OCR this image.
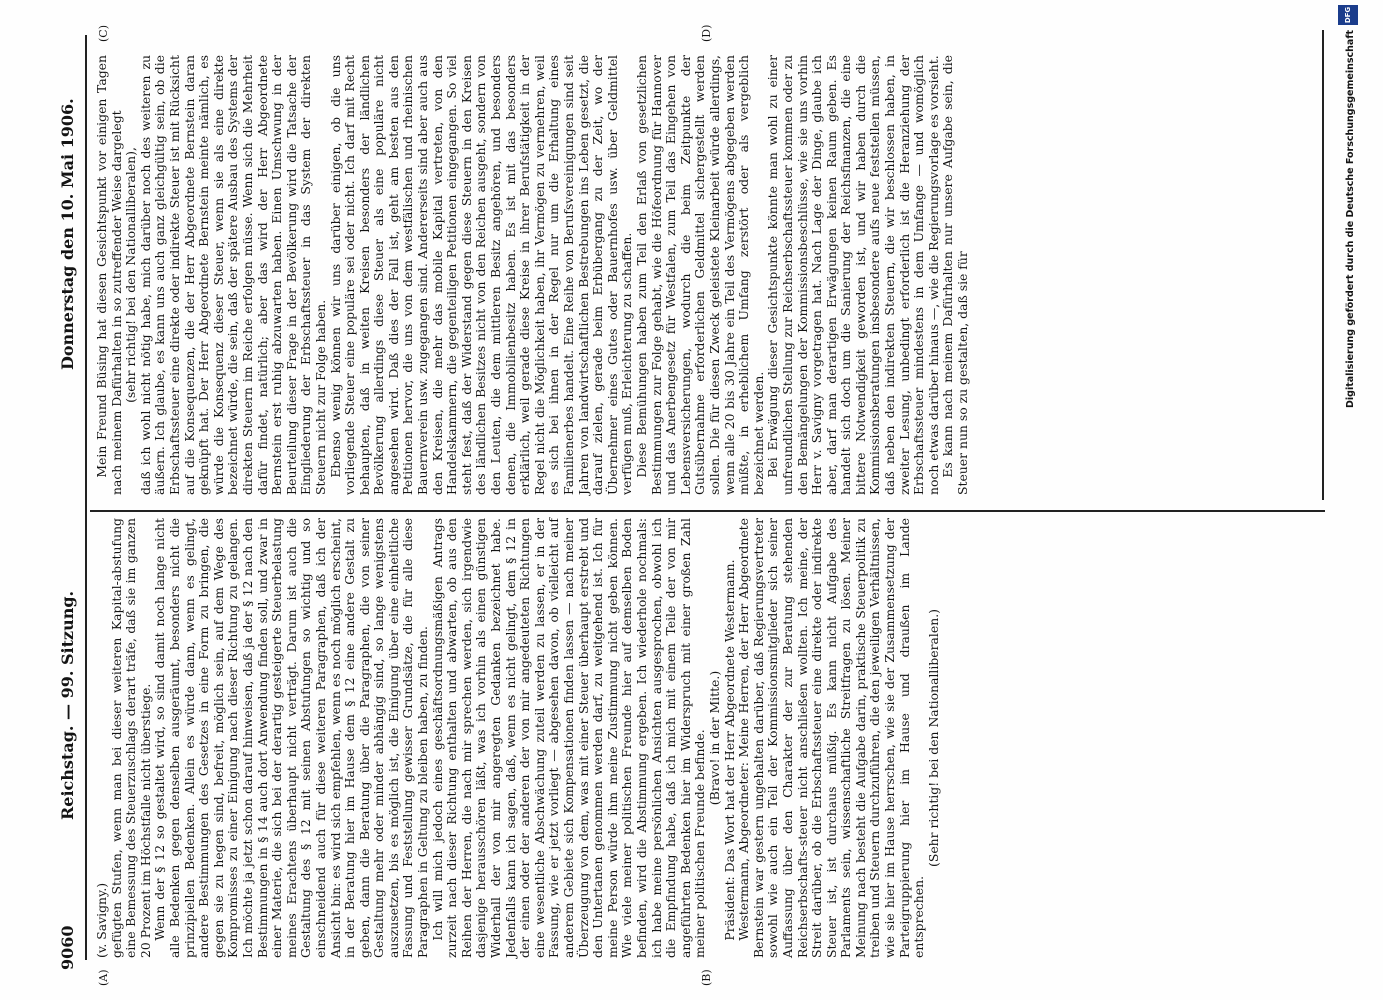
9060
Reichstag. — 99. Sitzung.
Donnerstag den 10. Mai 1906.
(A)	(B)
(C)	(D)

(v. Savigny.) gefügten Stufen, wenn man bei dieser weiteren Kapital-abstufung eine Bemessung des Steuerzuschlags derart träfe, daß sie im ganzen 20 Prozent im Höchstfalle nicht überstiege. Wenn der § 12 so gestaltet wird, so sind damit noch lange nicht alle Bedenken gegen denselben ausgeräumt, besonders nicht die prinzipiellen Bedenken. Allein es würde dann, wenn es gelingt, andere Bestimmungen des Gesetzes in eine Form zu bringen, die gegen sie zu hegen sind, befreit, möglich sein, auf dem Wege des Kompromisses zu einer Einigung nach dieser Richtung zu gelangen. Ich möchte ja jetzt schon darauf hinweisen, daß ja der § 12 nach den Bestimmungen in § 14 auch dort Anwendung finden soll, und zwar in einer Materie, die sich bei der derartig gesteigerte Steuerbelastung meines Erachtens überhaupt nicht verträgt. Darum ist auch die Gestaltung des § 12 mit seinen Abstufungen so wichtig und so einschneidend auch für diese weiteren Paragraphen, daß ich der Ansicht bin: es wird sich empfehlen, wenn es noch möglich erscheint, in der Beratung hier im Hause dem § 12 eine andere Gestalt zu geben, dann die Beratung über die Paragraphen, die von seiner Gestaltung mehr oder minder abhängig sind, so lange wenigstens auszusetzen, bis es möglich ist, die Einigung über eine einheitliche Fassung und Feststellung gewisser Grundsätze, die für alle diese Paragraphen in Geltung zu bleiben haben, zu finden. Ich will mich jedoch eines geschäftsordnungsmäßigen Antrags zurzeit nach dieser Richtung enthalten und abwarten, ob aus den Reihen der Herren, die nach mir sprechen werden, sich irgendwie dasjenige herausschören läßt, was ich vorhin als einen günstigen Widerhall der von mir angeregten Gedanken bezeichnet habe. Jedenfalls kann ich sagen, daß, wenn es nicht gelingt, dem § 12 in der einen oder der anderen der von mir angedeuteten Richtungen eine wesentliche Abschwächung zuteil werden zu lassen, er in der Fassung, wie er jetzt vorliegt — abgesehen davon, ob vielleicht auf anderem Gebiete sich Kompensationen finden lassen — nach meiner Überzeugung von dem, was mit einer Steuer überhaupt erstrebt und den Untertanen genommen werden darf, zu weitgehend ist. Ich für meine Person würde ihm meine Zustimmung nicht geben können. Wie viele meiner politischen Freunde hier auf demselben Boden befinden, wird die Abstimmung ergeben. Ich wiederhole nochmals: ich habe meine persönlichen Ansichten ausgesprochen, obwohl ich die Empfindung habe, daß ich mich mit einem Teile der von mir angeführten Bedenken hier im Widerspruch mit einer großen Zahl meiner politischen Freunde befinde. (Bravo! in der Mitte.) Präsident: Das Wort hat der Herr Abgeordnete Westermann. Westermann, Abgeordneter: Meine Herren, der Herr Abgeordnete Bernstein war gestern ungehalten darüber, daß Regierungsvertreter sowohl wie auch ein Teil der Kommissionsmitglieder sich seiner Auffassung über den Charakter der zur Beratung stehenden Reichserbschafts-steuer nicht anschließen wollten. Ich meine, der Streit darüber, ob die Erbschaftssteuer eine direkte oder indirekte Steuer ist, ist durchaus müßig. Es kann nicht Aufgabe des Parlaments sein, wissenschaftliche Streitfragen zu lösen. Meiner Meinung nach besteht die Aufgabe darin, praktische Steuerpolitik zu treiben und Steuern durchzuführen, die den jeweiligen Verhältnissen, wie sie hier im Hause herrschen, wie sie der Zusammensetzung der Parteigruppierung hier im Hause und draußen im Lande entsprechen.

(Sehr richtig! bei den Nationalliberalen.)

Mein Freund Büsing hat diesen Gesichtspunkt vor einigen Tagen nach meinem Dafürhalten in so zutreffender Weise dargelegt (sehr richtig! bei den Nationalliberalen), daß ich wohl nicht nötig habe, mich darüber noch des weiteren zu äußern. Ich glaube, es kann uns auch ganz gleichgültig sein, ob die Erbschaftssteuer eine direkte oder indirekte Steuer ist mit Rücksicht auf die Konsequenzen, die der Herr Abgeordnete Bernstein daran geknüpft hat. Der Herr Abgeordnete Bernstein meinte nämlich, es würde die Konsequenz dieser Steuer, wenn sie als eine direkte bezeichnet würde, die sein, daß der spätere Ausbau des Systems der direkten Steuern im Reiche erfolgen müsse. Wenn sich die Mehrheit dafür findet, natürlich; aber das wird der Herr Abgeordnete Bernstein erst ruhig abzuwarten haben. Einen Umschwung in der Beurteilung dieser Frage in der Bevölkerung wird die Tatsache der Eingliederung der Erbschaftssteuer in das System der direkten Steuern nicht zur Folge haben. Ebenso wenig können wir uns darüber einigen, ob die uns vorliegende Steuer eine populäre sei oder nicht. Ich darf mit Recht behaupten, daß in weiten Kreisen besonders der ländlichen Bevölkerung allerdings diese Steuer als eine populäre nicht angesehen wird. Daß dies der Fall ist, geht am besten aus den Petitionen hervor, die uns von dem westfälischen und rheinischen Bauernverein usw. zugegangen sind. Andererseits sind aber auch aus den Kreisen, die mehr das mobile Kapital vertreten, von den Handelskammern, die gegenteiligen Petitionen eingegangen. So viel steht fest, daß der Widerstand gegen diese Steuern in den Kreisen des ländlichen Besitzes nicht von den Reichen ausgeht, sondern von den Leuten, die dem mittleren Besitz angehören, und besonders denen, die Immobilienbesitz haben. Es ist mit das besonders erklärlich, weil gerade diese Kreise in ihrer Berufstätigkeit in der Regel nicht die Möglichkeit haben, ihr Vermögen zu vermehren, weil es sich bei ihnen in der Regel nur um die Erhaltung eines Familienerbes handelt. Eine Reihe von Berufsvereinigungen sind seit Jahren von landwirtschaftlichen Bestrebungen ins Leben gesetzt, die darauf zielen, gerade beim Erbübergang zu der Zeit, wo der Übernehmer eines Gutes oder Bauernhofes usw. über Geldmittel verfügen muß, Erleichterung zu schaffen. Diese Bemühungen haben zum Teil den Erlaß von gesetzlichen Bestimmungen zur Folge gehabt, wie die Höfeordnung für Hannover und das Anerbengesetz für Westfalen, zum Teil das Eingehen von Lebensversicherungen, wodurch die beim Zeitpunkte der Gutsübernahme erforderlichen Geldmittel sichergestellt werden sollen. Die für diesen Zweck geleistete Kleinarbeit würde allerdings, wenn alle 20 bis 30 Jahre ein Teil des Vermögens abgegeben werden müßte, in erheblichem Umfang zerstört oder als vergeblich bezeichnet werden. Bei Erwägung dieser Gesichtspunkte könnte man wohl zu einer unfreundlichen Stellung zur Reichserbschaftssteuer kommen oder zu den Bemängelungen der Kommissionsbeschlüsse, wie sie uns vorhin Herr v. Savigny vorgetragen hat. Nach Lage der Dinge, glaube ich aber, darf man derartigen Erwägungen keinen Raum geben. Es handelt sich doch um die Sanierung der Reichsfinanzen, die eine bittere Notwendigkeit geworden ist, und wir haben durch die Kommissionsberatungen insbesondere aufs neue feststellen müssen, daß neben den indirekten Steuern, die wir beschlossen haben, in zweiter Lesung, unbedingt erforderlich ist die Heranziehung der Erbschaftssteuer mindestens in dem Umfange — und womöglich noch etwas darüber hinaus —, wie die Regierungsvorlage es vorsieht. Es kann nach meinem Dafürhalten nur unsere Aufgabe sein, die Steuer nun so zu gestalten, daß sie für	Digitalisierung gefördert durch die Deutsche Forschungsgemeinschaft
DFG
